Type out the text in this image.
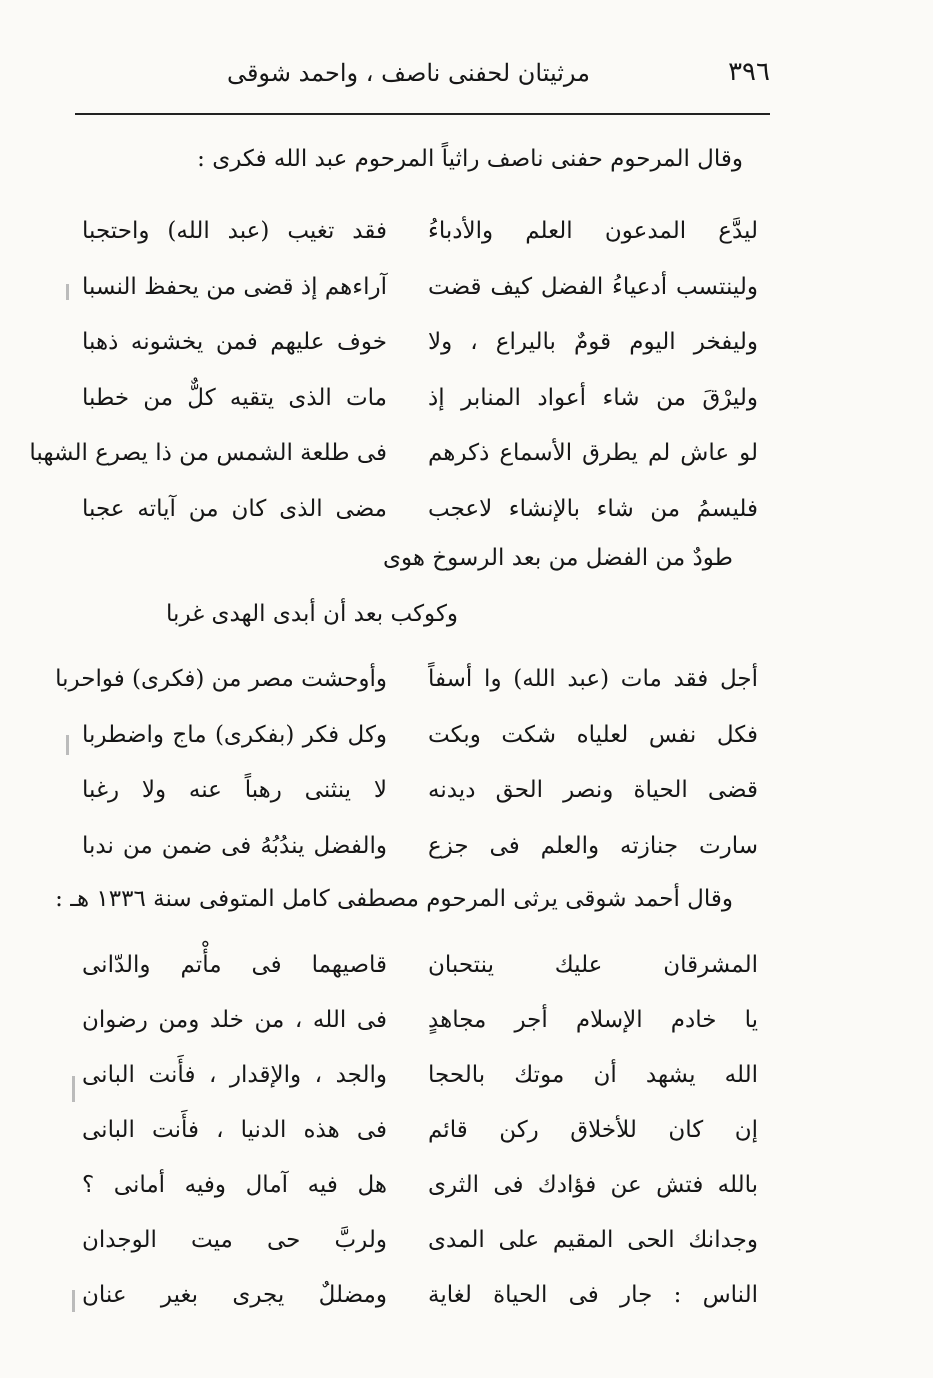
٣٩٦
مرثيتان لحفنى ناصف ، واحمد شوقى
وقال المرحوم حفنى ناصف راثياً المرحوم عبد الله فكرى :
ليدَّع المدعون العلم والأدباءُ
فقد تغيب (عبد الله) واحتجبا
ولينتسب أدعياءُ الفضل كيف قضت
آراءهم إذ قضى من يحفظ النسبا
وليفخر اليوم قومٌ باليراع ، ولا
خوف عليهم فمن يخشونه ذهبا
وليرْقَ من شاء أعواد المنابر إذ
مات الذى يتقيه كلٌّ من خطبا
لو عاش لم يطرق الأسماع ذكرهم
فى طلعة الشمس من ذا يصرع الشهبا
فليسمُ من شاء بالإنشاء لاعجب
مضى الذى كان من آياته عجبا
طودٌ من الفضل من بعد الرسوخ هوى
وكوكب بعد أن أبدى الهدى غربا
أجل فقد مات (عبد الله) وا أسفاً
وأوحشت مصر من (فكرى) فواحربا
فكل نفس لعلياه شكت وبكت
وكل فكر (بفكرى) ماج واضطربا
قضى الحياة ونصر الحق ديدنه
لا ينثنى رهباً عنه ولا رغبا
سارت جنازته والعلم فى جزع
والفضل يندُبُهُ فى ضمن من ندبا
وقال أحمد شوقى يرثى المرحوم مصطفى كامل المتوفى سنة ١٣٣٦ هـ :
المشرقان عليك ينتحبان
قاصيهما فى مأْتم والدّانى
يا خادم الإسلام أجر مجاهدٍ
فى الله ، من خلد ومن رضوان
الله يشهد أن موتك بالحجا
والجد ، والإقدار ، فأَنت البانى
إن كان للأخلاق ركن قائم
فى هذه الدنيا ، فأَنت البانى
بالله فتش عن فؤادك فى الثرى
هل فيه آمال وفيه أمانى ؟
وجدانك الحى المقيم على المدى
ولربَّ حى ميت الوجدان
الناس : جار فى الحياة لغاية
ومضللٌ يجرى بغير عنان
